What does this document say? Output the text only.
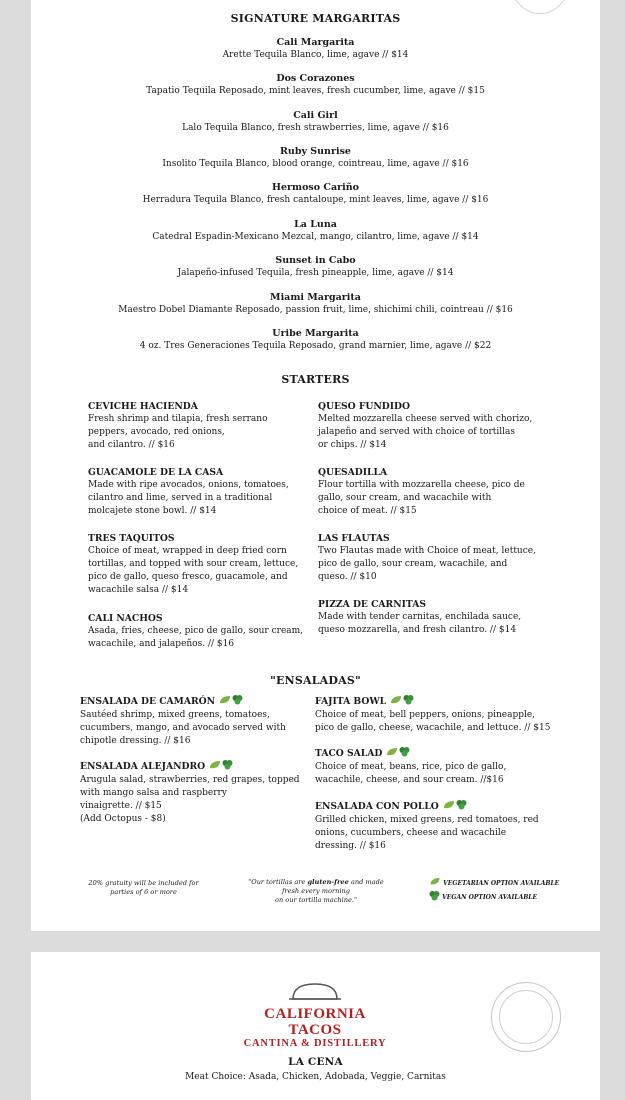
SIGNATURE MARGARITAS
Cali Margarita
Arette Tequila Blanco, lime, agave // $14
Dos Corazones
Tapatio Tequila Reposado, mint leaves, fresh cucumber, lime, agave // $15
Cali Girl
Lalo Tequila Blanco, fresh strawberries, lime, agave // $16
Ruby Sunrise
Insolito Tequila Blanco, blood orange, cointreau, lime, agave // $16
Hermoso Cariño
Herradura Tequila Blanco, fresh cantaloupe, mint leaves, lime, agave // $16
La Luna
Catedral Espadin-Mexicano Mezcal, mango, cilantro, lime, agave // $14
Sunset in Cabo
Jalapeño-infused Tequila, fresh pineapple, lime, agave // $14
Miami Margarita
Maestro Dobel Diamante Reposado, passion fruit, lime, shichimi chili, cointreau // $16
Uribe Margarita
4 oz. Tres Generaciones Tequila Reposado, grand marnier, lime, agave // $22
STARTERS
CEVICHE HACIENDA
Fresh shrimp and tilapia, fresh serrano
peppers, avocado, red onions,
and cilantro. // $16
QUESO FUNDIDO
Melted mozzarella cheese served with chorizo,
jalapeño and served with choice of tortillas
or chips. // $14
GUACAMOLE DE LA CASA
Made with ripe avocados, onions, tomatoes,
cilantro and lime, served in a traditional
molcajete stone bowl. // $14
QUESADILLA
Flour tortilla with mozzarella cheese, pico de
gallo, sour cream, and wacachile with
choice of meat. // $15
TRES TAQUITOS
Choice of meat, wrapped in deep fried corn
tortillas, and topped with sour cream, lettuce,
pico de gallo, queso fresco, guacamole, and
wacachile salsa // $14
LAS FLAUTAS
Two Flautas made with Choice of meat, lettuce,
pico de gallo, sour cream, wacachile, and
queso. // $10
PIZZA DE CARNITAS
Made with tender carnitas, enchilada sauce,
queso mozzarella, and fresh cilantro. // $14
CALI NACHOS
Asada, fries, cheese, pico de gallo, sour cream,
wacachile, and jalapeños. // $16
"ENSALADAS"
ENSALADA DE CAMARÓN
Sautéed shrimp, mixed greens, tomatoes,
cucumbers, mango, and avocado served with
chipotle dressing. // $16
FAJITA BOWL
Choice of meat, bell peppers, onions, pineapple,
pico de gallo, cheese, wacachile, and lettuce. // $15
TACO SALAD
Choice of meat, beans, rice, pico de gallo,
wacachile, cheese, and sour cream. //$16
ENSALADA ALEJANDRO
Arugula salad, strawberries, red grapes, topped
with mango salsa and raspberry
vinaigrette. // $15
(Add Octopus - $8)
ENSALADA CON POLLO
Grilled chicken, mixed greens, red tomatoes, red
onions, cucumbers, cheese and wacachile
dressing. // $16
20% gratuity will be included for
parties of 6 or more
"Our tortillas are gluten-free and made
fresh every morning
on our tortilla machine."

VEGETARIAN OPTION AVAILABLE

VEGAN OPTION AVAILABLE
CALIFORNIA TACOS
CANTINA & DISTILLERY
LA CENA
Meat Choice: Asada, Chicken, Adobada, Veggie, Carnitas
